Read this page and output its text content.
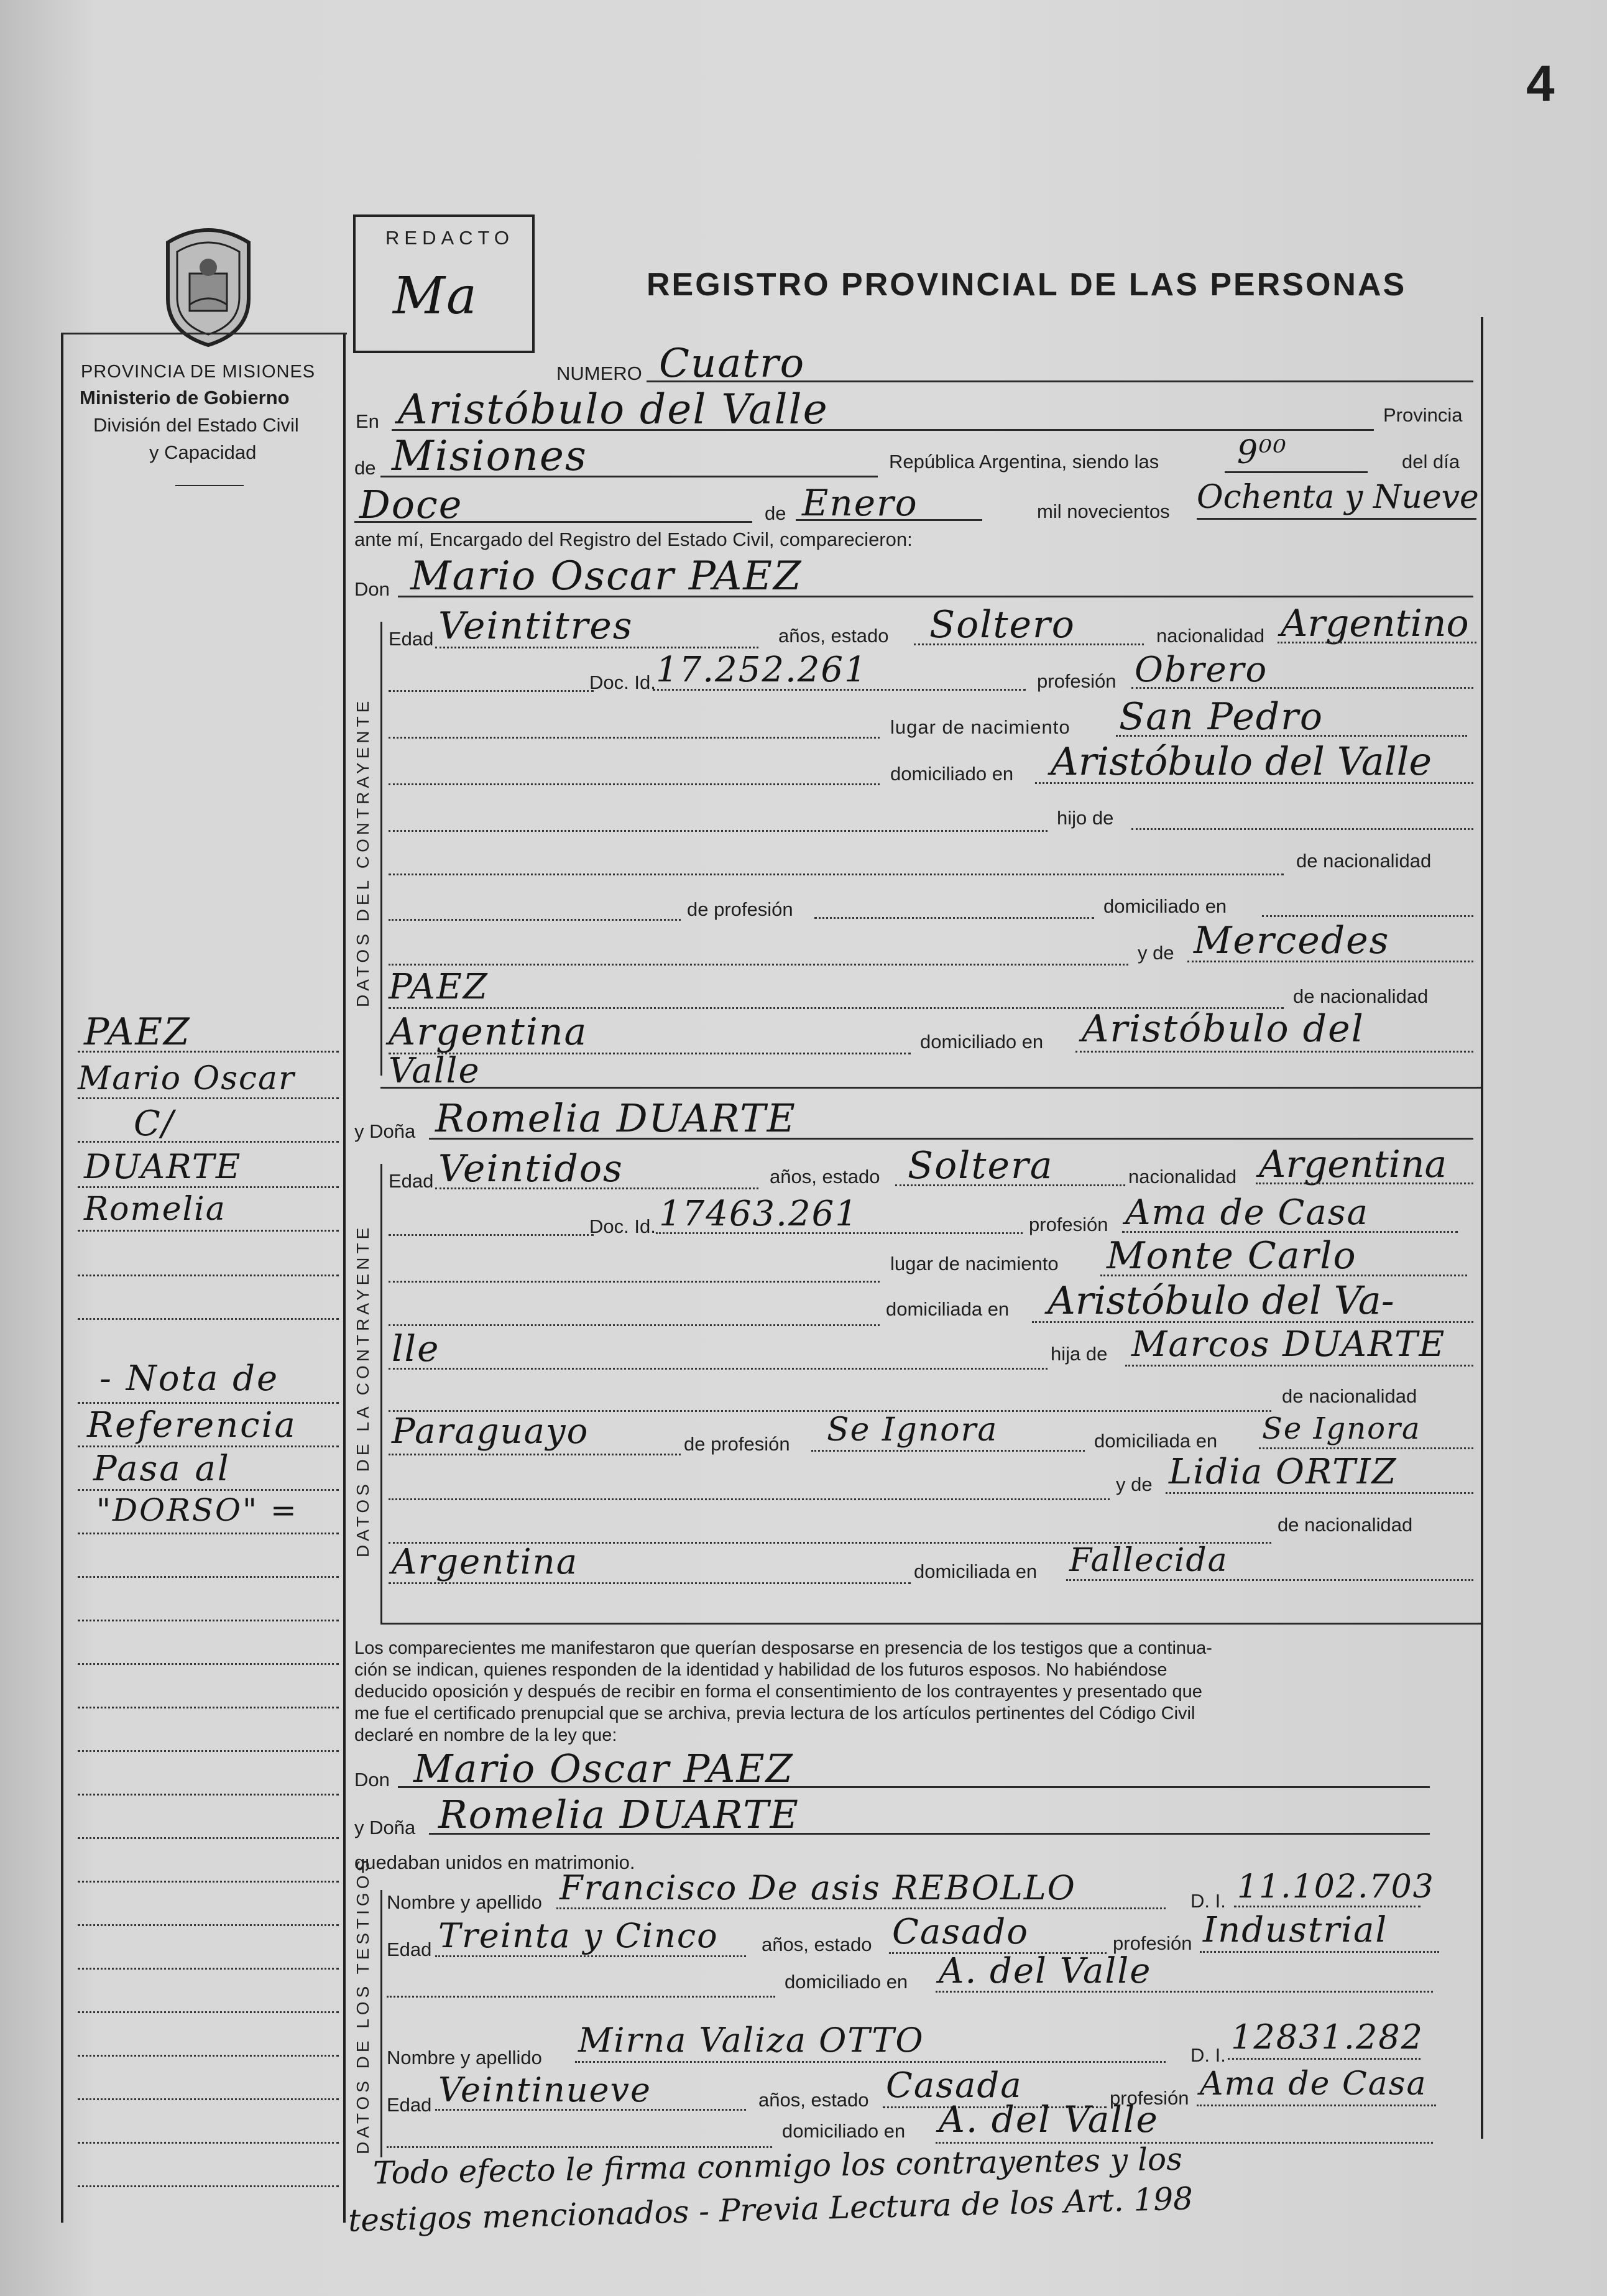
4
PROVINCIA DE MISIONES
Ministerio de Gobierno
División del Estado Civil
y Capacidad
REDACTO
Ma	REGISTRO PROVINCIAL DE LAS PERSONAS
NUMERO Cuatro
En Aristóbulo del Valle	Provincia
de Misiones	República Argentina, siendo las 9⁰⁰	del día
Doce	de Enero	mil novecientos Ochenta y Nueve
ante mí, Encargado del Registro del Estado Civil, comparecieron:
Don Mario Oscar PAEZ
DATOS DEL CONTRAYENTE
Edad Veintitres	años, estado Soltero	nacionalidad Argentino
Doc. Id. 17.252.261	profesión Obrero
lugar de nacimiento San Pedro
domiciliado en Aristóbulo del Valle
hijo de
de nacionalidad
de profesión	domiciliado en
y de Mercedes
PAEZ	de nacionalidad
Argentina	domiciliado en Aristóbulo del
Valle
y Doña Romelia DUARTE
DATOS DE LA CONTRAYENTE
Edad Veintidos	años, estado Soltera	nacionalidad Argentina
Doc. Id. 17463.261	profesión Ama de Casa
lugar de nacimiento Monte Carlo
domiciliada en Aristóbulo del Va-
lle	hija de Marcos DUARTE
de nacionalidad
Paraguayo	de profesión Se Ignora	domiciliada en Se Ignora
y de Lidia ORTIZ
de nacionalidad
Argentina	domiciliada en Fallecida
Los comparecientes me manifestaron que querían desposarse en presencia de los testigos que a continua-
ción se indican, quienes responden de la identidad y habilidad de los futuros esposos. No habiéndose
deducido oposición y después de recibir en forma el consentimiento de los contrayentes y presentado que
me fue el certificado prenupcial que se archiva, previa lectura de los artículos pertinentes del Código Civil
declaré en nombre de la ley que:
Don Mario Oscar PAEZ
y Doña Romelia DUARTE
quedaban unidos en matrimonio.
DATOS DE LOS TESTIGOS Nombre y apellido Francisco De asis REBOLLO	D. I. 11.102.703
Edad Treinta y Cinco años, estado Casado	profesión Industrial
domiciliado en A. del Valle
Nombre y apellido Mirna Valiza OTTO	D. I. 12831.282
Edad Veintinueve	años, estado Casada	profesión Ama de Casa
domiciliado en A. del Valle
Todo efecto le firma conmigo los contrayentes y los
testigos mencionados - Previa Lectura de los Art. 198
PAEZ
Mario Oscar
C/
DUARTE
Romelia
- Nota de
Referencia
Pasa al
"DORSO" =
